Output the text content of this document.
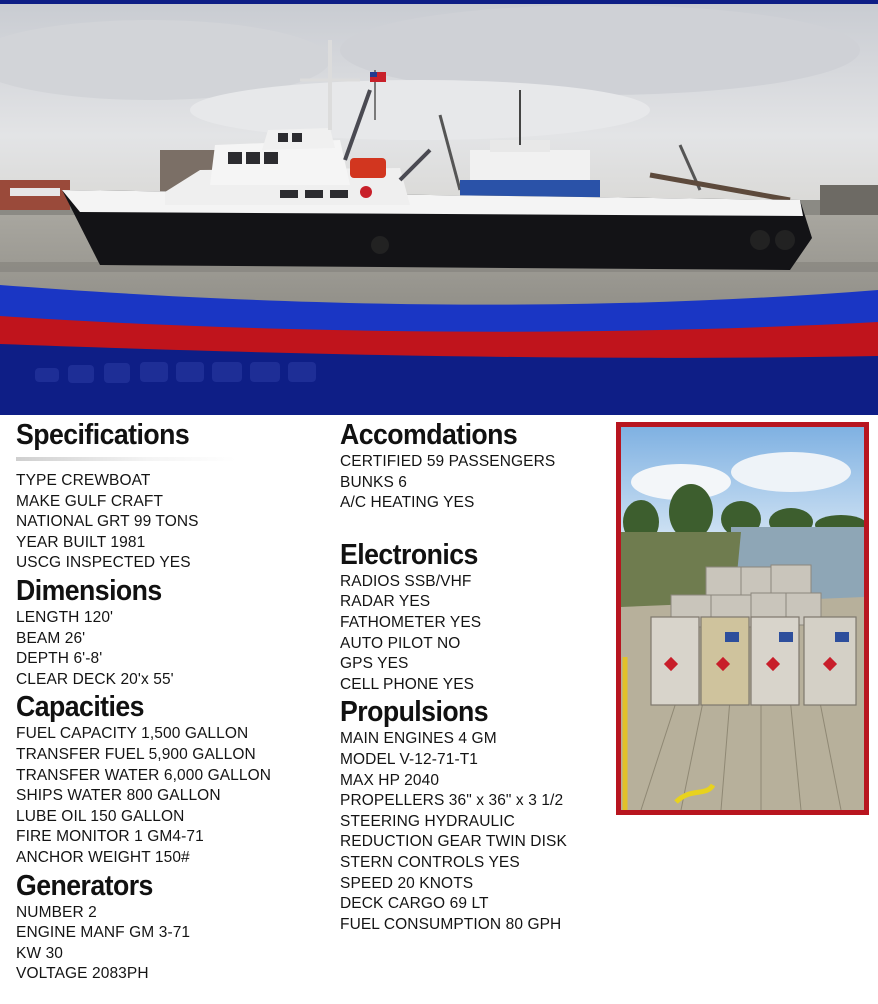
Specifications
TYPE CREWBOAT
MAKE GULF CRAFT
NATIONAL GRT 99 TONS
YEAR BUILT 1981
USCG INSPECTED YES
Dimensions
LENGTH 120'
BEAM 26'
DEPTH 6'-8'
CLEAR DECK 20'x 55'
Capacities
FUEL CAPACITY 1,500 GALLON
TRANSFER FUEL 5,900 GALLON
TRANSFER WATER 6,000 GALLON
SHIPS WATER 800 GALLON
LUBE OIL 150 GALLON
FIRE MONITOR 1 GM4-71
ANCHOR WEIGHT 150#
Generators
NUMBER 2
ENGINE MANF GM 3-71
KW 30
VOLTAGE 2083PH
Accomdations
CERTIFIED 59 PASSENGERS
BUNKS 6
A/C HEATING YES
Electronics
RADIOS SSB/VHF
RADAR YES
FATHOMETER YES
AUTO PILOT NO
GPS YES
CELL PHONE YES
Propulsions
MAIN ENGINES 4 GM
MODEL V-12-71-T1
MAX HP 2040
PROPELLERS 36" x 36" x 3 1/2
STEERING HYDRAULIC
REDUCTION GEAR TWIN DISK
STERN CONTROLS YES
SPEED 20 KNOTS
DECK CARGO 69 LT
FUEL CONSUMPTION 80 GPH
